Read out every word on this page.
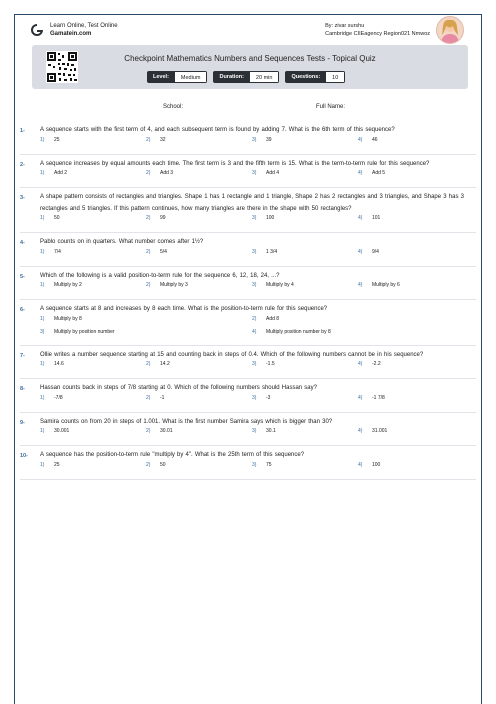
Learn Online, Test Online
Gamatein.com
By: zivar surshu
Cambridge CIIEagency Region021 Nmwoz
Checkpoint Mathematics Numbers and Sequences Tests - Topical Quiz
Level:	Medium	Duration:	20 min	Questions:	10
School:	Full Name:
1-	A sequence starts with the first term of 4, and each subsequent term is found by adding 7. What is the 6th term of this sequence?
1)	25	2)	32	3)	39	4)	46
2-	A sequence increases by equal amounts each time. The first term is 3 and the fifth term is 15. What is the term-to-term rule for this sequence?
1)	Add 2	2)	Add 3	3)	Add 4	4)	Add 5
3-	A shape pattern consists of rectangles and triangles. Shape 1 has 1 rectangle and 1 triangle, Shape 2 has 2 rectangles and 3 triangles, and Shape 3 has 3 rectangles and 5 triangles. If this pattern continues, how many triangles are there in the shape with 50 rectangles?
1)	50	2)	99	3)	100	4)	101
4-	Pablo counts on in quarters. What number comes after 1½?
1)	7/4	2)	5/4	3)	1 3/4	4)	9/4
5-	Which of the following is a valid position-to-term rule for the sequence 6, 12, 18, 24, ...?
1)	Multiply by 2	2)	Multiply by 3	3)	Multiply by 4	4)	Multiply by 6
6-	A sequence starts at 8 and increases by 8 each time. What is the position-to-term rule for this sequence?
1)	Multiply by 8	2)	Add 8
3)	Multiply by position number	4)	Multiply position number by 8
7-	Ollie writes a number sequence starting at 15 and counting back in steps of 0.4. Which of the following numbers cannot be in his sequence?
1)	14.6	2)	14.2	3)	-1.5	4)	-2.2
8-	Hassan counts back in steps of 7/8 starting at 0. Which of the following numbers should Hassan say?
1)	-7/8	2)	-1	3)	-3	4)	-1 7/8
9-	Samira counts on from 20 in steps of 1.001. What is the first number Samira says which is bigger than 30?
1)	30.001	2)	30.01	3)	30.1	4)	31.001
10- A sequence has the position-to-term rule "multiply by 4". What is the 25th term of this sequence?
1)	25	2)	50	3)	75	4)	100
